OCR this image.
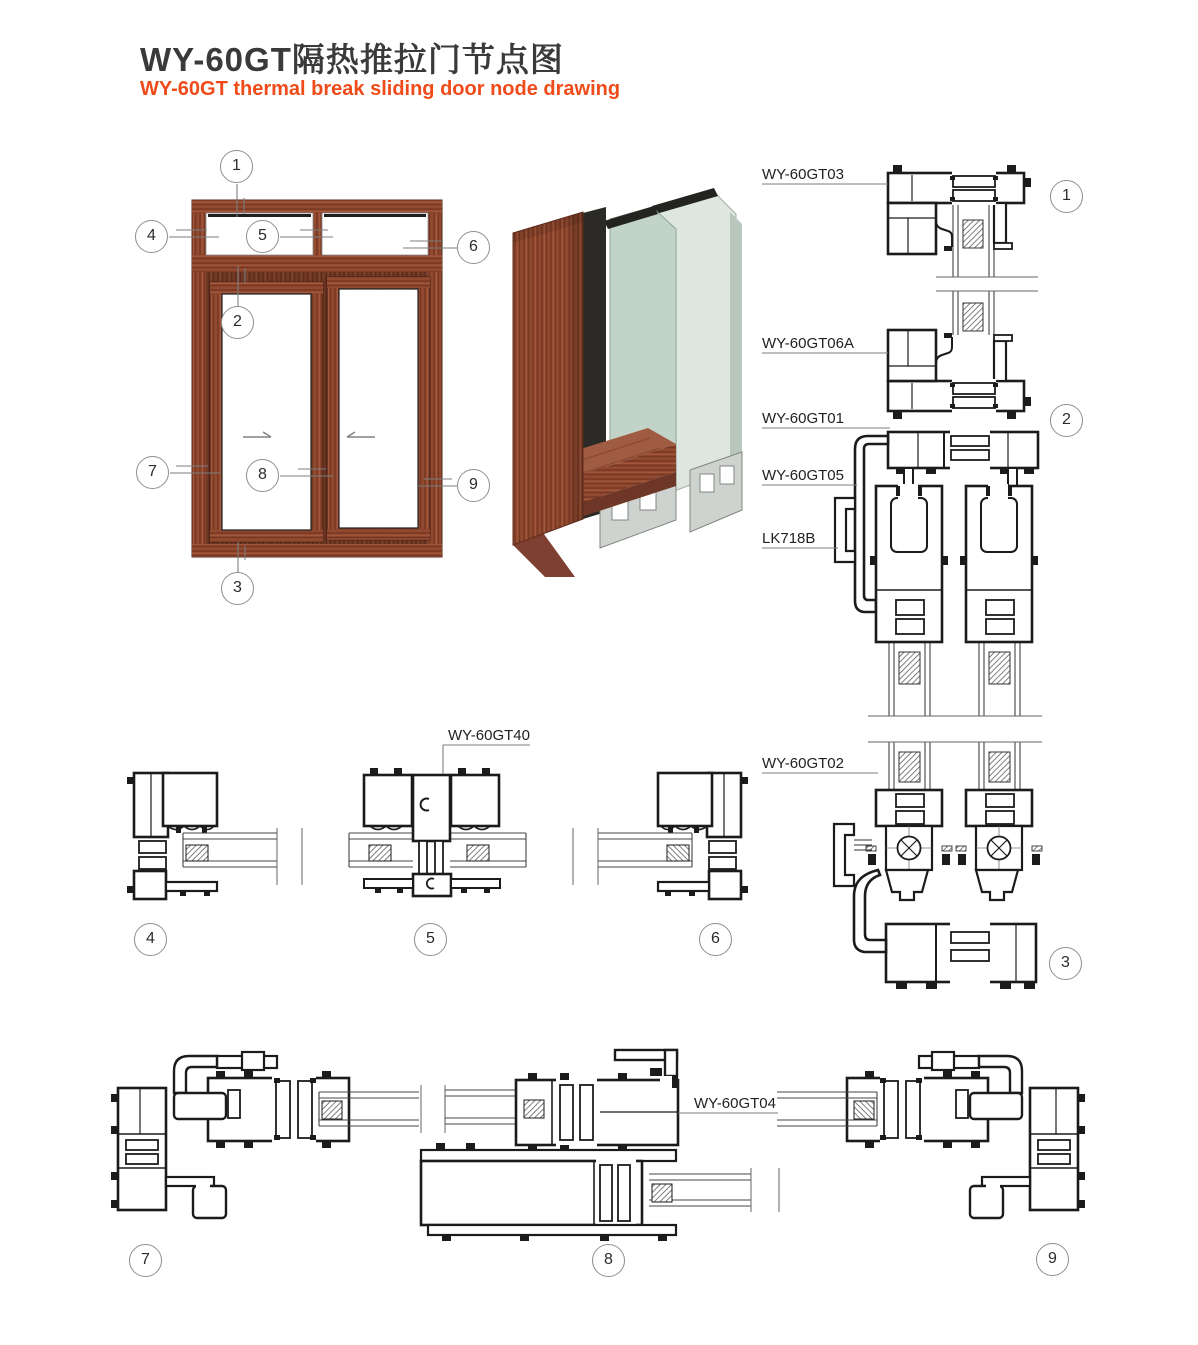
WY-60GT隔热推拉门节点图
WY-60GT thermal break sliding door node drawing
WY-60GT03
WY-60GT06A
WY-60GT01
WY-60GT05
LK718B
WY-60GT02
WY-60GT40
WY-60GT04
1
2
3
4	5
6
7	8
9
1
2
3
4	5	6
7	8	9
